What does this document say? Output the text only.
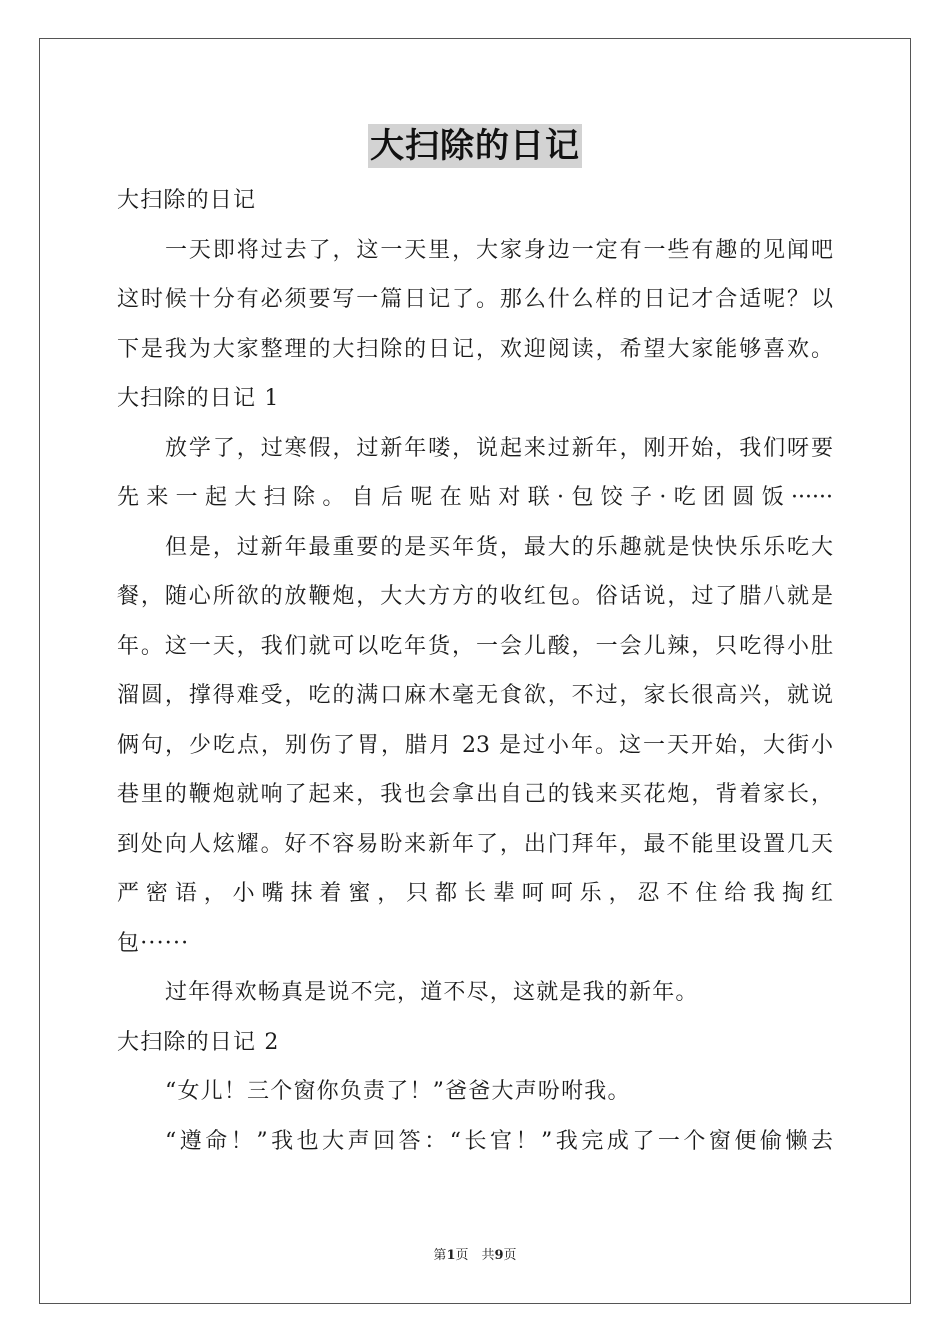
大扫除的日记
大扫除的日记
一天即将过去了，这一天里，大家身边一定有一些有趣的见闻吧
这时候十分有必须要写一篇日记了。那么什么样的日记才合适呢？以
下是我为大家整理的大扫除的日记，欢迎阅读，希望大家能够喜欢。
大扫除的日记 1
放学了，过寒假，过新年喽，说起来过新年，刚开始，我们呀要
先来一起大扫除。自后呢在贴对联·包饺子·吃团圆饭······
但是，过新年最重要的是买年货，最大的乐趣就是快快乐乐吃大
餐，随心所欲的放鞭炮，大大方方的收红包。俗话说，过了腊八就是
年。这一天，我们就可以吃年货，一会儿酸，一会儿辣，只吃得小肚
溜圆，撑得难受，吃的满口麻木毫无食欲，不过，家长很高兴，就说
俩句，少吃点，别伤了胃，腊月 23 是过小年。这一天开始，大街小
巷里的鞭炮就响了起来，我也会拿出自己的钱来买花炮，背着家长，
到处向人炫耀。好不容易盼来新年了，出门拜年，最不能里设置几天
严密语，小嘴抹着蜜，只都长辈呵呵乐，忍不住给我掏红
包······
过年得欢畅真是说不完，道不尽，这就是我的新年。
大扫除的日记 2
“女儿！三个窗你负责了！”爸爸大声吩咐我。
“遵命！”我也大声回答：“长官！”我完成了一个窗便偷懒去
第1页　共9页
